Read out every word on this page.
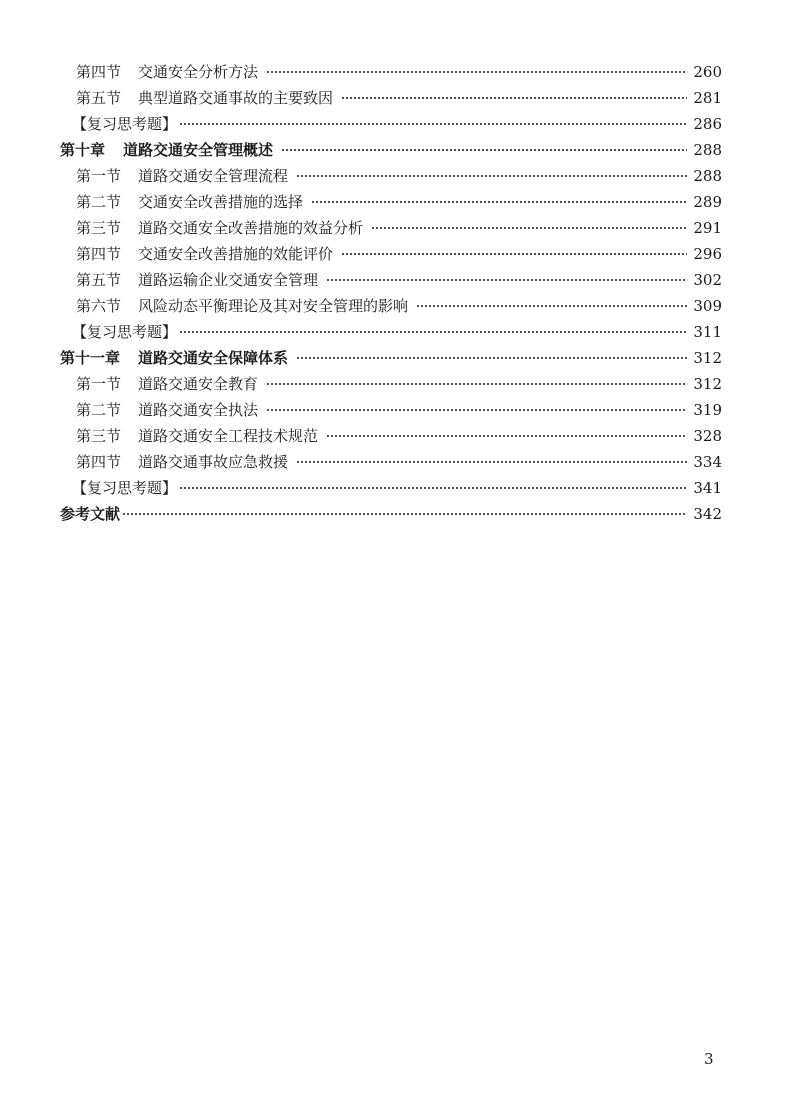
第四节 交通安全分析方法	260
第五节 典型道路交通事故的主要致因	281
【复习思考题】	286
第十章 道路交通安全管理概述	288
第一节 道路交通安全管理流程	288
第二节 交通安全改善措施的选择	289
第三节 道路交通安全改善措施的效益分析	291
第四节 交通安全改善措施的效能评价	296
第五节 道路运输企业交通安全管理	302
第六节 风险动态平衡理论及其对安全管理的影响	309
【复习思考题】	311
第十一章 道路交通安全保障体系	312
第一节 道路交通安全教育	312
第二节 道路交通安全执法	319
第三节 道路交通安全工程技术规范	328
第四节 道路交通事故应急救援	334
【复习思考题】	341
参考文献	342
3
